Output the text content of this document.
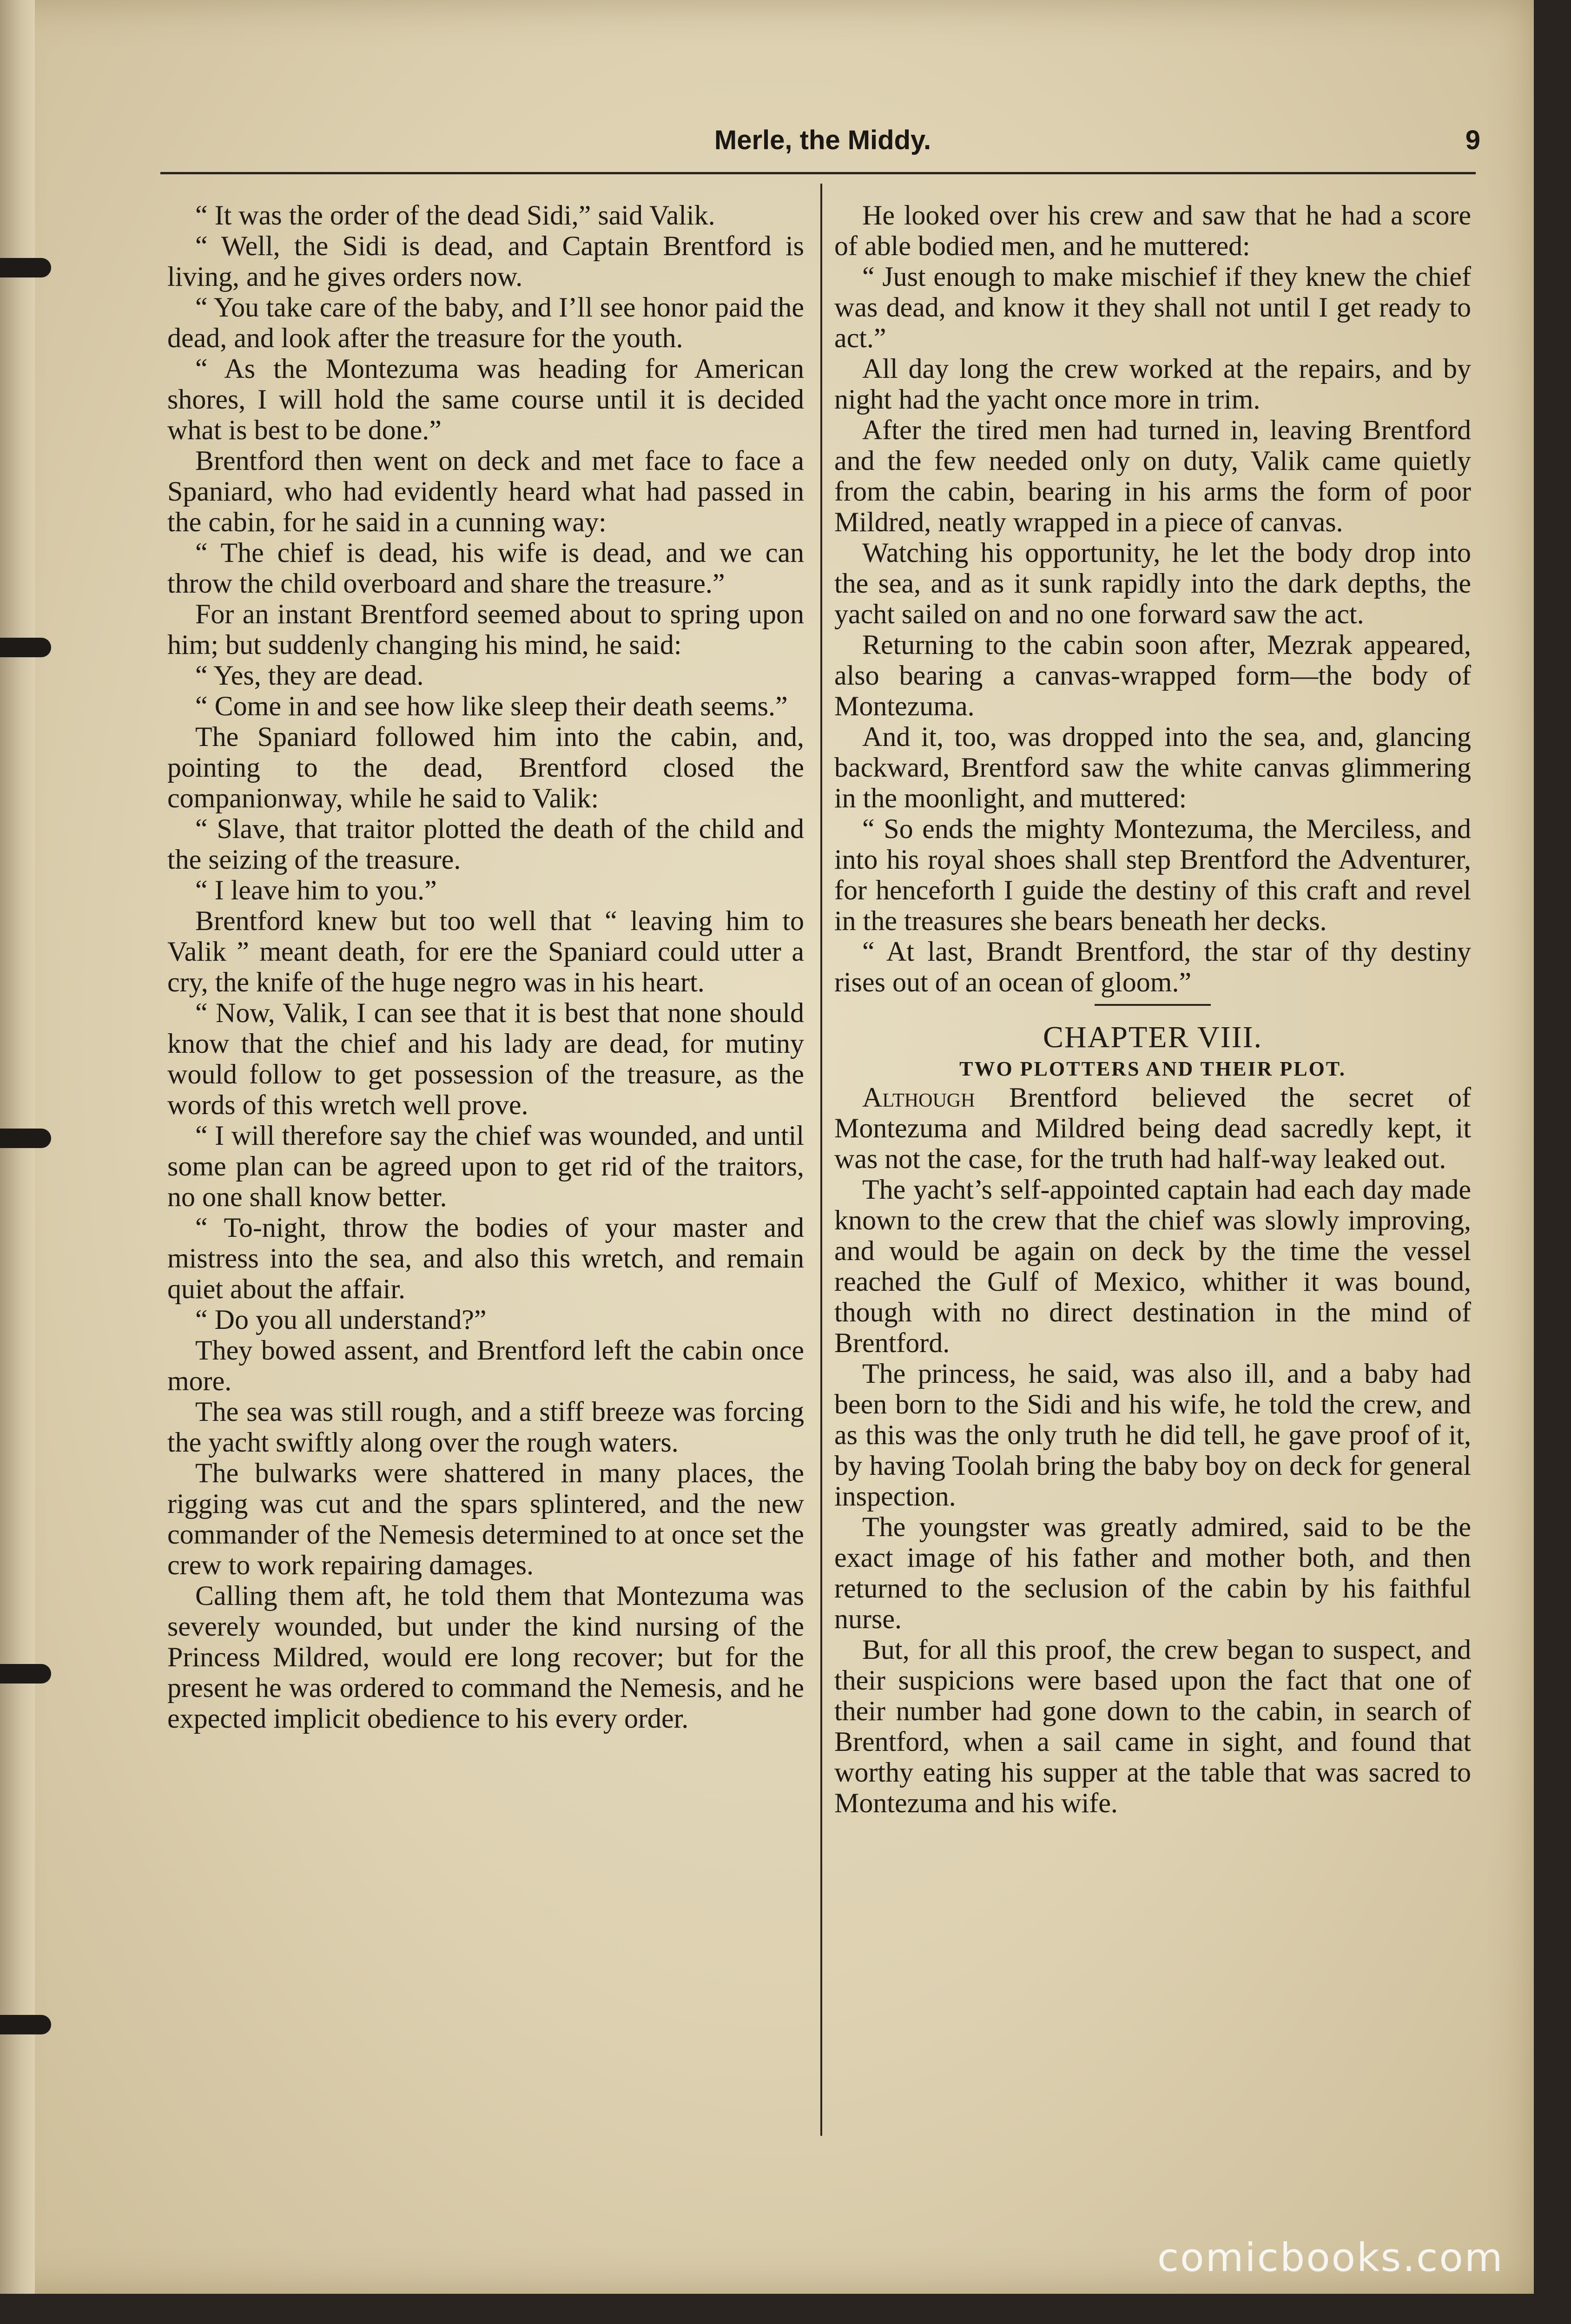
Merle, the Middy.	9

“ It was the order of the dead Sidi,” said Valik.

“ Well, the Sidi is dead, and Captain Brentford is living, and he gives orders now.

“ You take care of the baby, and I’ll see honor paid the dead, and look after the treasure for the youth.

“ As the Montezuma was heading for American shores, I will hold the same course until it is decided what is best to be done.”

Brentford then went on deck and met face to face a Spaniard, who had evidently heard what had passed in the cabin, for he said in a cunning way:

“ The chief is dead, his wife is dead, and we can throw the child overboard and share the treasure.”

For an instant Brentford seemed about to spring upon him; but suddenly changing his mind, he said:

“ Yes, they are dead.

“ Come in and see how like sleep their death seems.”

The Spaniard followed him into the cabin, and, pointing to the dead, Brentford closed the companionway, while he said to Valik:

“ Slave, that traitor plotted the death of the child and the seizing of the treasure.

“ I leave him to you.”

Brentford knew but too well that “ leaving him to Valik ” meant death, for ere the Spaniard could utter a cry, the knife of the huge negro was in his heart.

“ Now, Valik, I can see that it is best that none should know that the chief and his lady are dead, for mutiny would follow to get possession of the treasure, as the words of this wretch well prove.

“ I will therefore say the chief was wounded, and until some plan can be agreed upon to get rid of the traitors, no one shall know better.

“ To-night, throw the bodies of your master and mistress into the sea, and also this wretch, and remain quiet about the affair.

“ Do you all understand?”

They bowed assent, and Brentford left the cabin once more.

The sea was still rough, and a stiff breeze was forcing the yacht swiftly along over the rough waters.

The bulwarks were shattered in many places, the rigging was cut and the spars splintered, and the new commander of the Nemesis determined to at once set the crew to work repairing damages.

Calling them aft, he told them that Montezuma was severely wounded, but under the kind nursing of the Princess Mildred, would ere long recover; but for the present he was ordered to command the Nemesis, and he expected implicit obedience to his every order.

He looked over his crew and saw that he had a score of able bodied men, and he muttered:

“ Just enough to make mischief if they knew the chief was dead, and know it they shall not until I get ready to act.”

All day long the crew worked at the repairs, and by night had the yacht once more in trim.

After the tired men had turned in, leaving Brentford and the few needed only on duty, Valik came quietly from the cabin, bearing in his arms the form of poor Mildred, neatly wrapped in a piece of canvas.

Watching his opportunity, he let the body drop into the sea, and as it sunk rapidly into the dark depths, the yacht sailed on and no one forward saw the act.

Returning to the cabin soon after, Mezrak appeared, also bearing a canvas-wrapped form—the body of Montezuma.

And it, too, was dropped into the sea, and, glancing backward, Brentford saw the white canvas glimmering in the moonlight, and muttered:

“ So ends the mighty Montezuma, the Merciless, and into his royal shoes shall step Brentford the Adventurer, for henceforth I guide the destiny of this craft and revel in the treasures she bears beneath her decks.

“ At last, Brandt Brentford, the star of thy destiny rises out of an ocean of gloom.”

CHAPTER VIII.
TWO PLOTTERS AND THEIR PLOT.

Although Brentford believed the secret of Montezuma and Mildred being dead sacredly kept, it was not the case, for the truth had half-way leaked out.

The yacht’s self-appointed captain had each day made known to the crew that the chief was slowly improving, and would be again on deck by the time the vessel reached the Gulf of Mexico, whither it was bound, though with no direct destination in the mind of Brentford.

The princess, he said, was also ill, and a baby had been born to the Sidi and his wife, he told the crew, and as this was the only truth he did tell, he gave proof of it, by having Toolah bring the baby boy on deck for general inspection.

The youngster was greatly admired, said to be the exact image of his father and mother both, and then returned to the seclusion of the cabin by his faithful nurse.

But, for all this proof, the crew began to suspect, and their suspicions were based upon the fact that one of their number had gone down to the cabin, in search of Brentford, when a sail came in sight, and found that worthy eating his supper at the table that was sacred to Montezuma and his wife.

comicbooks.com
